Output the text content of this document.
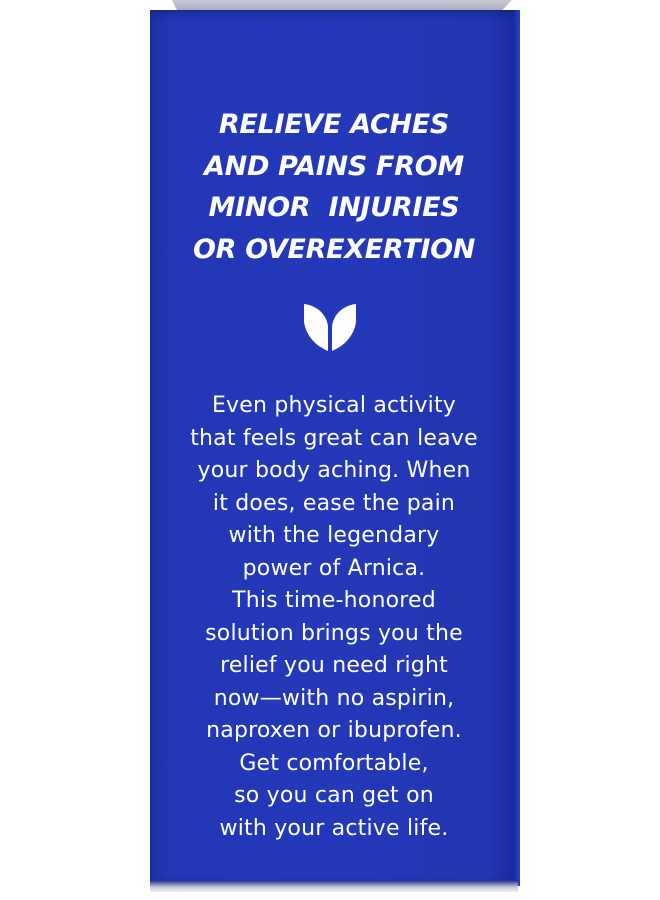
RELIEVE ACHES
AND PAINS FROM
MINOR  INJURIES
OR OVEREXERTION

Even physical activity
that feels great can leave
your body aching. When
it does, ease the pain
with the legendary
power of Arnica.
This time-honored
solution brings you the
relief you need right
now—with no aspirin,
naproxen or ibuprofen.
Get comfortable,
so you can get on
with your active life.
